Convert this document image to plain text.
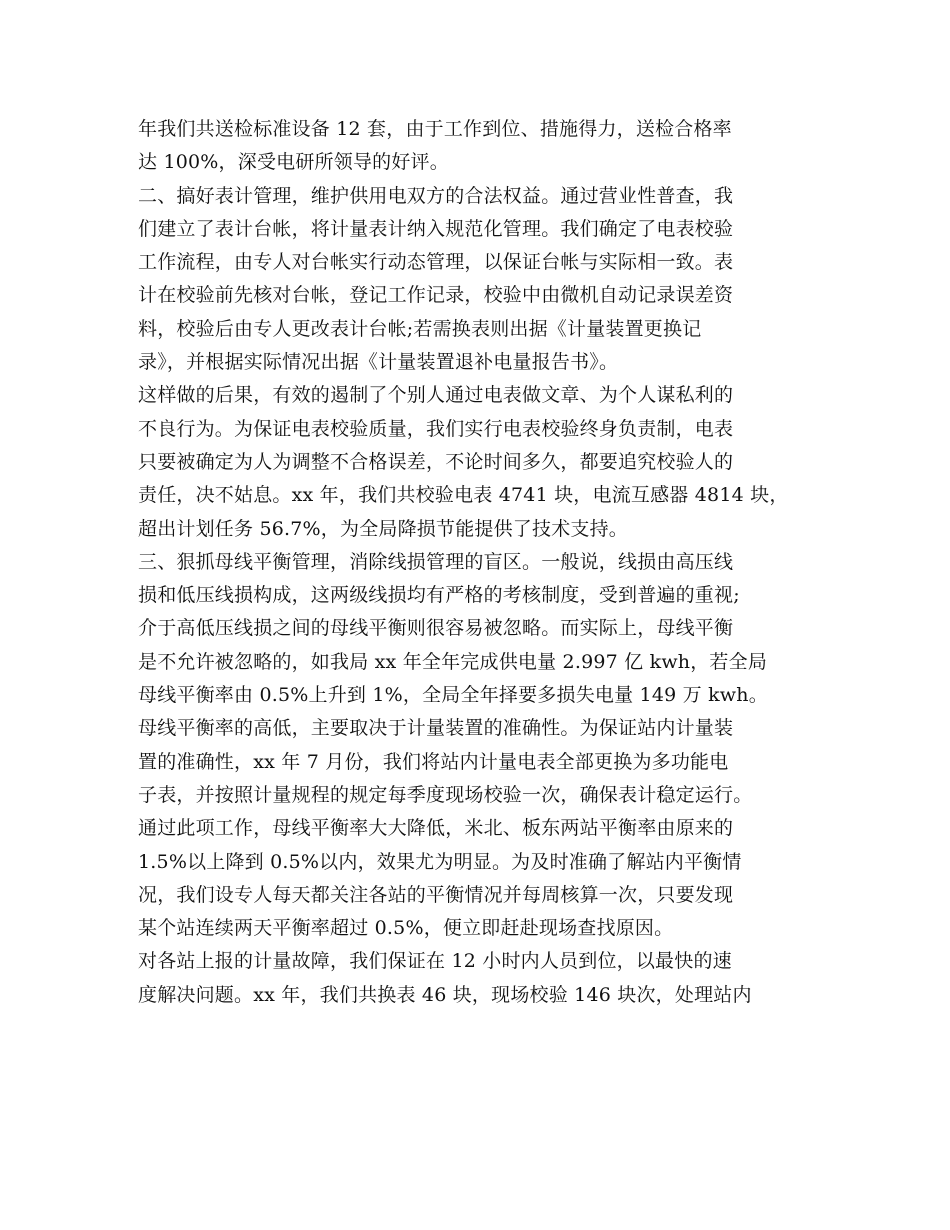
年我们共送检标准设备 12 套，由于工作到位、措施得力，送检合格率
达 100%，深受电研所领导的好评。
二、搞好表计管理，维护供用电双方的合法权益。通过营业性普查，我
们建立了表计台帐，将计量表计纳入规范化管理。我们确定了电表校验
工作流程，由专人对台帐实行动态管理，以保证台帐与实际相一致。表
计在校验前先核对台帐，登记工作记录，校验中由微机自动记录误差资
料，校验后由专人更改表计台帐;若需换表则出据《计量装置更换记
录》，并根据实际情况出据《计量装置退补电量报告书》。
这样做的后果，有效的遏制了个别人通过电表做文章、为个人谋私利的
不良行为。为保证电表校验质量，我们实行电表校验终身负责制，电表
只要被确定为人为调整不合格误差，不论时间多久，都要追究校验人的
责任，决不姑息。xx 年，我们共校验电表 4741 块，电流互感器 4814 块，
超出计划任务 56.7%，为全局降损节能提供了技术支持。
三、狠抓母线平衡管理，消除线损管理的盲区。一般说，线损由高压线
损和低压线损构成，这两级线损均有严格的考核制度，受到普遍的重视;
介于高低压线损之间的母线平衡则很容易被忽略。而实际上，母线平衡
是不允许被忽略的，如我局 xx 年全年完成供电量 2.997 亿 kwh，若全局
母线平衡率由 0.5%上升到 1%，全局全年择要多损失电量 149 万 kwh。
母线平衡率的高低，主要取决于计量装置的准确性。为保证站内计量装
置的准确性，xx 年 7 月份，我们将站内计量电表全部更换为多功能电
子表，并按照计量规程的规定每季度现场校验一次，确保表计稳定运行。
通过此项工作，母线平衡率大大降低，米北、板东两站平衡率由原来的
1.5%以上降到 0.5%以内，效果尤为明显。为及时准确了解站内平衡情
况，我们设专人每天都关注各站的平衡情况并每周核算一次，只要发现
某个站连续两天平衡率超过 0.5%，便立即赶赴现场查找原因。
对各站上报的计量故障，我们保证在 12 小时内人员到位，以最快的速
度解决问题。xx 年，我们共换表 46 块，现场校验 146 块次，处理站内
